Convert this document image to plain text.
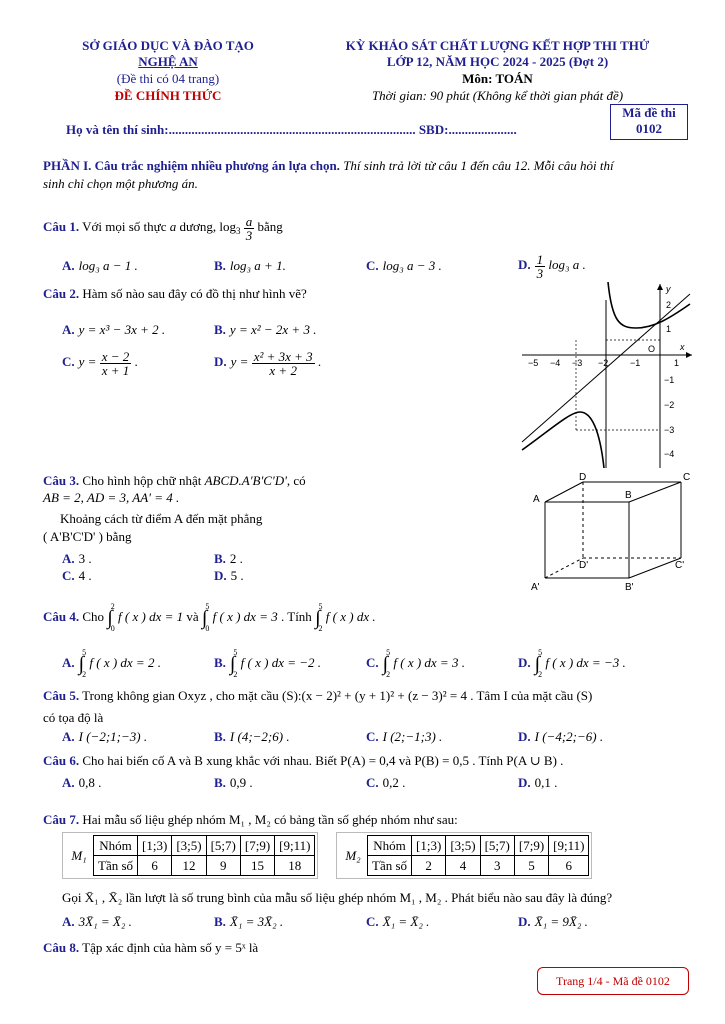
SỞ GIÁO DỤC VÀ ĐÀO TẠO
NGHỆ AN
(Đề thi có 04 trang)
ĐỀ CHÍNH THỨC
KỲ KHẢO SÁT CHẤT LƯỢNG KẾT HỢP THI THỬ
LỚP 12, NĂM HỌC 2024 - 2025 (Đợt 2)
Môn: TOÁN
Thời gian: 90 phút (Không kể thời gian phát đề)
Họ và tên thí sinh:............................................................................ SBD:.....................
Mã đề thi
0102
PHẦN I. Câu trắc nghiệm nhiều phương án lựa chọn. Thí sinh trả lời từ câu 1 đến câu 12. Mỗi câu hỏi thí
sinh chỉ chọn một phương án.
Câu 1. Với mọi số thực a dương, $\log_3 \frac{a}{3}$ bằng
A. log₃ a − 1 .	B. log₃ a + 1.	C. log₃ a − 3 .	D. $\frac{1}{3} \log_3$ a .
Câu 2. Hàm số nào sau đây có đồ thị như hình vẽ?
A. y = x³ − 3x + 2 .	B. y = x² − 2x + 3 .
C. $y = \frac{x - 2}{x + 1}$ .	D. $y = \frac{\text{x² + 3x + 3}}{x + 2}$ .	−5 −4 −3 −2 −1
O
1
2
1
−1
−2
−3
−4
x
y
Câu 3. Cho hình hộp chữ nhật ABCD.A'B'C'D', có
AB = 2, AD = 3, AA' = 4 .
Khoảng cách từ điểm A đến mặt phẳng
( A'B'C'D' ) bằng
A. 3 .	B. 2 .
C. 4 .	D. 5 .
A	B
C
D
A'	B'
C'
D'
Câu 4. Cho ∫2
0 f ( x ) dx = 1 và ∫5
0 f ( x ) dx = 3 . Tính ∫5
2 f ( x ) dx .
A. ∫5
2 f ( x ) dx = 2 .	B. ∫5
2 f ( x ) dx = −2 .	C. ∫5
2 f ( x ) dx = 3 .	D. ∫5
2 f ( x ) dx = −3 .
Câu 5. Trong không gian Oxyz , cho mặt cầu (S):(x − 2)² + (y + 1)² + (z − 3)² = 4 . Tâm I của mặt cầu (S)
có tọa độ là
A. I (−2;1;−3) .	B. I (4;−2;6) .	C. I (2;−1;3) .	D. I (−4;2;−6) .
Câu 6. Cho hai biến cố A và B xung khắc với nhau. Biết P(A) = 0,4 và P(B) = 0,5 . Tính P(A ∪ B) .
A. 0,8 .	B. 0,9 .	C. 0,2 .	D. 0,1 .
Câu 7. Hai mẫu số liệu ghép nhóm M₁ , M₂ có bảng tần số ghép nhóm như sau:
M₁	Nhóm	[1;3)	[3;5)	[5;7)	[7;9)	[9;11)
	Tần số	6	12	9	15	18
M₂	Nhóm	[1;3)	[3;5)	[5;7)	[7;9)	[9;11)
	Tần số	2	4	3	5	6
Gọi X̄₁ , X̄₂ lần lượt là số trung bình của mẫu số liệu ghép nhóm M₁ , M₂ . Phát biểu nào sau đây là đúng?
A. 3X̄₁ = X̄₂ .	B. X̄₁ = 3X̄₂ .	C. X̄₁ = X̄₂ .	D. X̄₁ = 9X̄₂ .
Câu 8. Tập xác định của hàm số y = 5ˣ là
Trang 1/4 - Mã đề 0102
